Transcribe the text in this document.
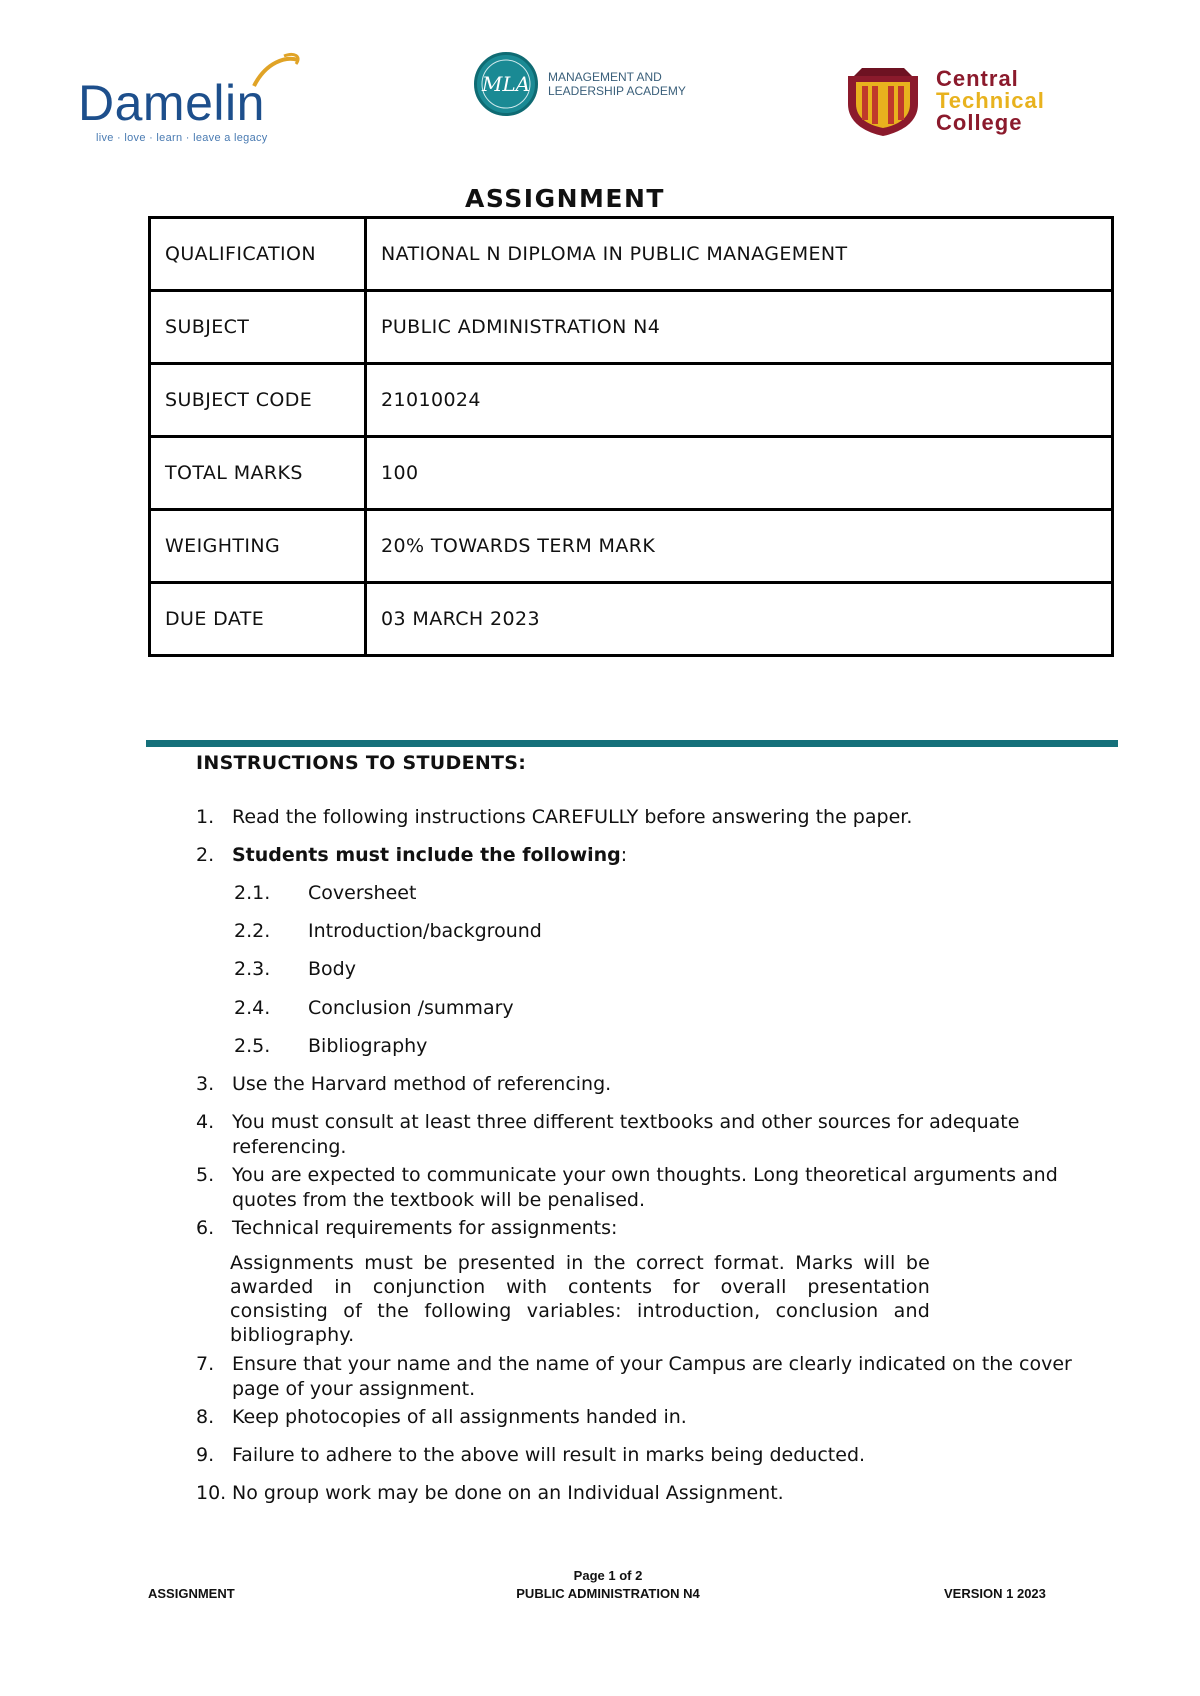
Damelin
live · love · learn · leave a legacy
MLA MANAGEMENT AND
LEADERSHIP ACADEMY	Central
Technical
College
ASSIGNMENT
QUALIFICATION	NATIONAL N DIPLOMA IN PUBLIC MANAGEMENT
SUBJECT	PUBLIC ADMINISTRATION N4
SUBJECT CODE	21010024
TOTAL MARKS	100
WEIGHTING	20% TOWARDS TERM MARK
DUE DATE	03 MARCH 2023
INSTRUCTIONS TO STUDENTS:
1. Read the following instructions CAREFULLY before answering the paper.
2. Students must include the following:
2.1. Coversheet
2.2. Introduction/background
2.3. Body
2.4. Conclusion /summary
2.5. Bibliography
3. Use the Harvard method of referencing.
4. You must consult at least three different textbooks and other sources for adequate referencing.
5. You are expected to communicate your own thoughts. Long theoretical arguments and quotes from the textbook will be penalised.
6. Technical requirements for assignments:
Assignments must be presented in the correct format. Marks will be awarded in conjunction with contents for overall presentation consisting of the following variables: introduction, conclusion and bibliography.
7. Ensure that your name and the name of your Campus are clearly indicated on the cover page of your assignment.
8. Keep photocopies of all assignments handed in.
9. Failure to adhere to the above will result in marks being deducted.
10. No group work may be done on an Individual Assignment.
Page 1 of 2
ASSIGNMENT	PUBLIC ADMINISTRATION N4	VERSION 1 2023
